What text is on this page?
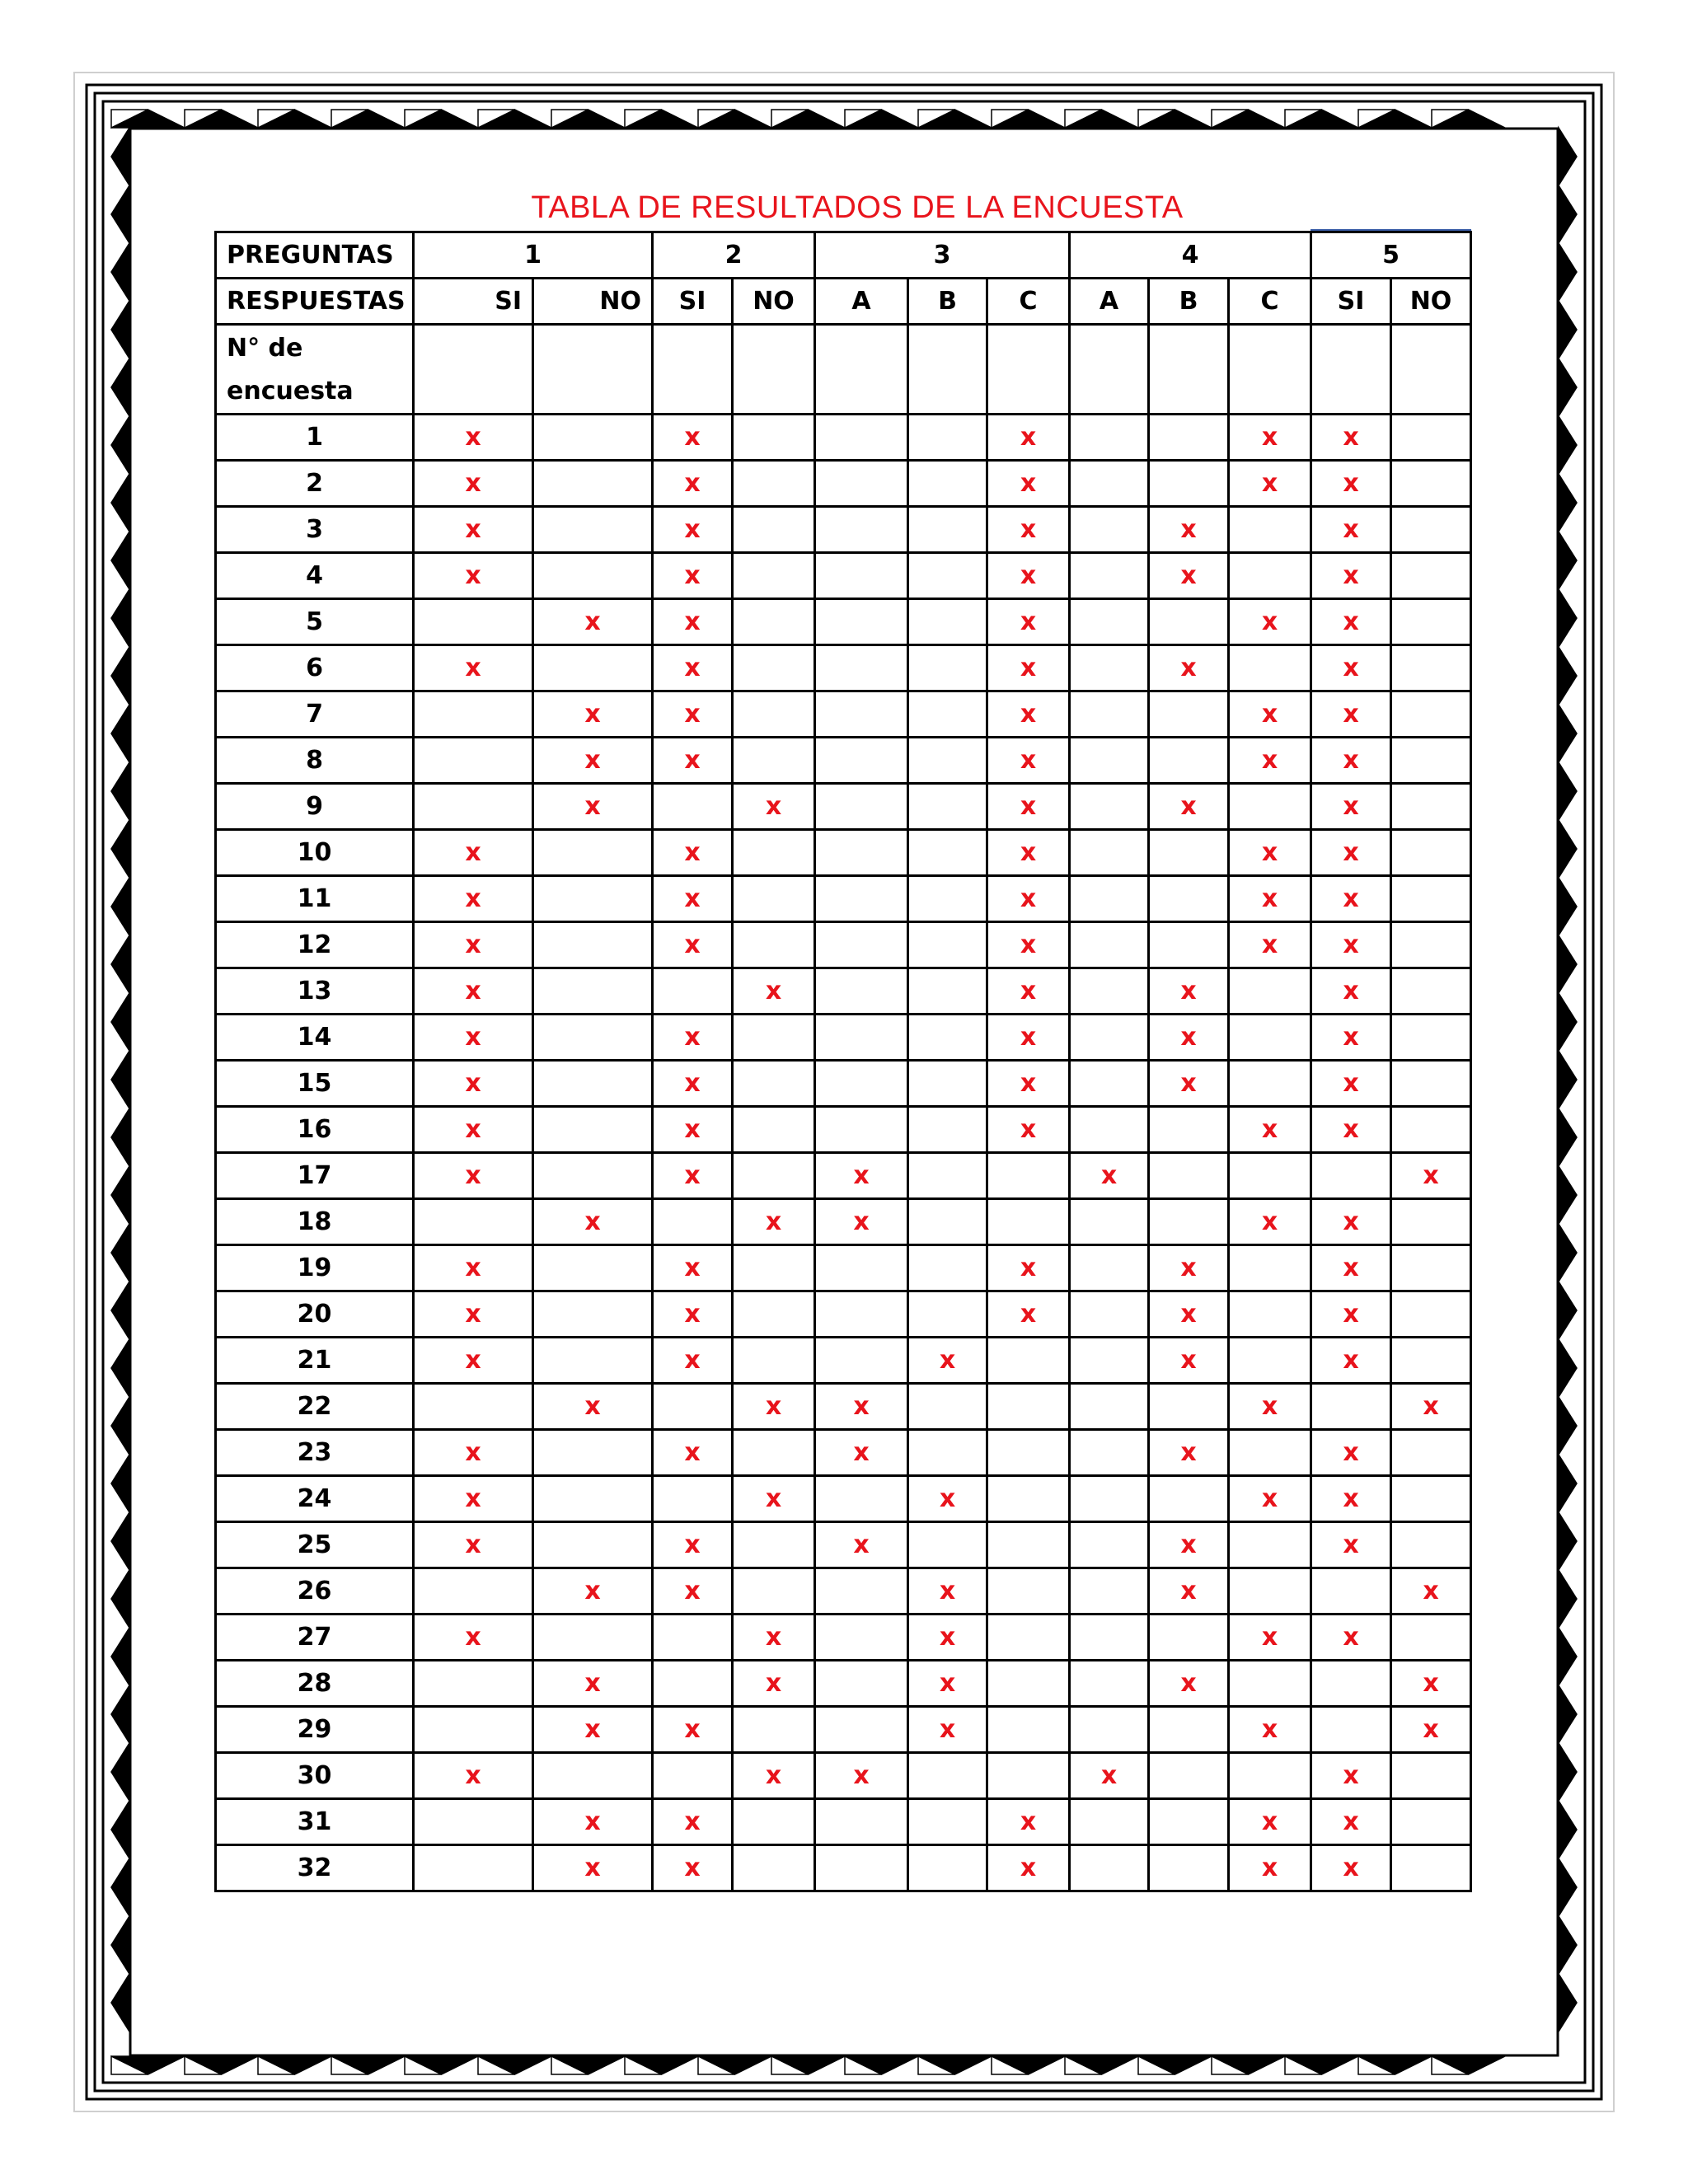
TABLA DE RESULTADOS DE LA ENCUESTA
PREGUNTAS	1		2		3			4			5	
RESPUESTAS	SI	NO	SI	NO	A	B	C	A	B	C	SI	NO

N° de
encuesta												

1	x		x				x			x	x	
2	x		x				x			x	x	
3	x		x				x		x		x	
4	x		x				x		x		x	
5		x	x				x			x	x	
6	x		x				x		x		x	
7		x	x				x			x	x	
8		x	x				x			x	x	
9		x		x			x		x		x	
10	x		x				x			x	x	
11	x		x				x			x	x	
12	x		x				x			x	x	
13	x			x			x		x		x	
14	x		x				x		x		x	
15	x		x				x		x		x	
16	x		x				x			x	x	
17	x		x		x			x				x
18		x		x	x					x	x	
19	x		x				x		x		x	
20	x		x				x		x		x	
21	x		x			x			x		x	
22		x		x	x					x		x
23	x		x		x				x		x	
24	x			x		x				x	x	
25	x		x		x				x		x	
26		x	x			x			x			x
27	x			x		x				x	x	
28		x		x		x			x			x
29		x	x			x				x		x
30	x			x	x			x			x	
31		x	x				x			x	x	
32		x	x				x			x	x	
